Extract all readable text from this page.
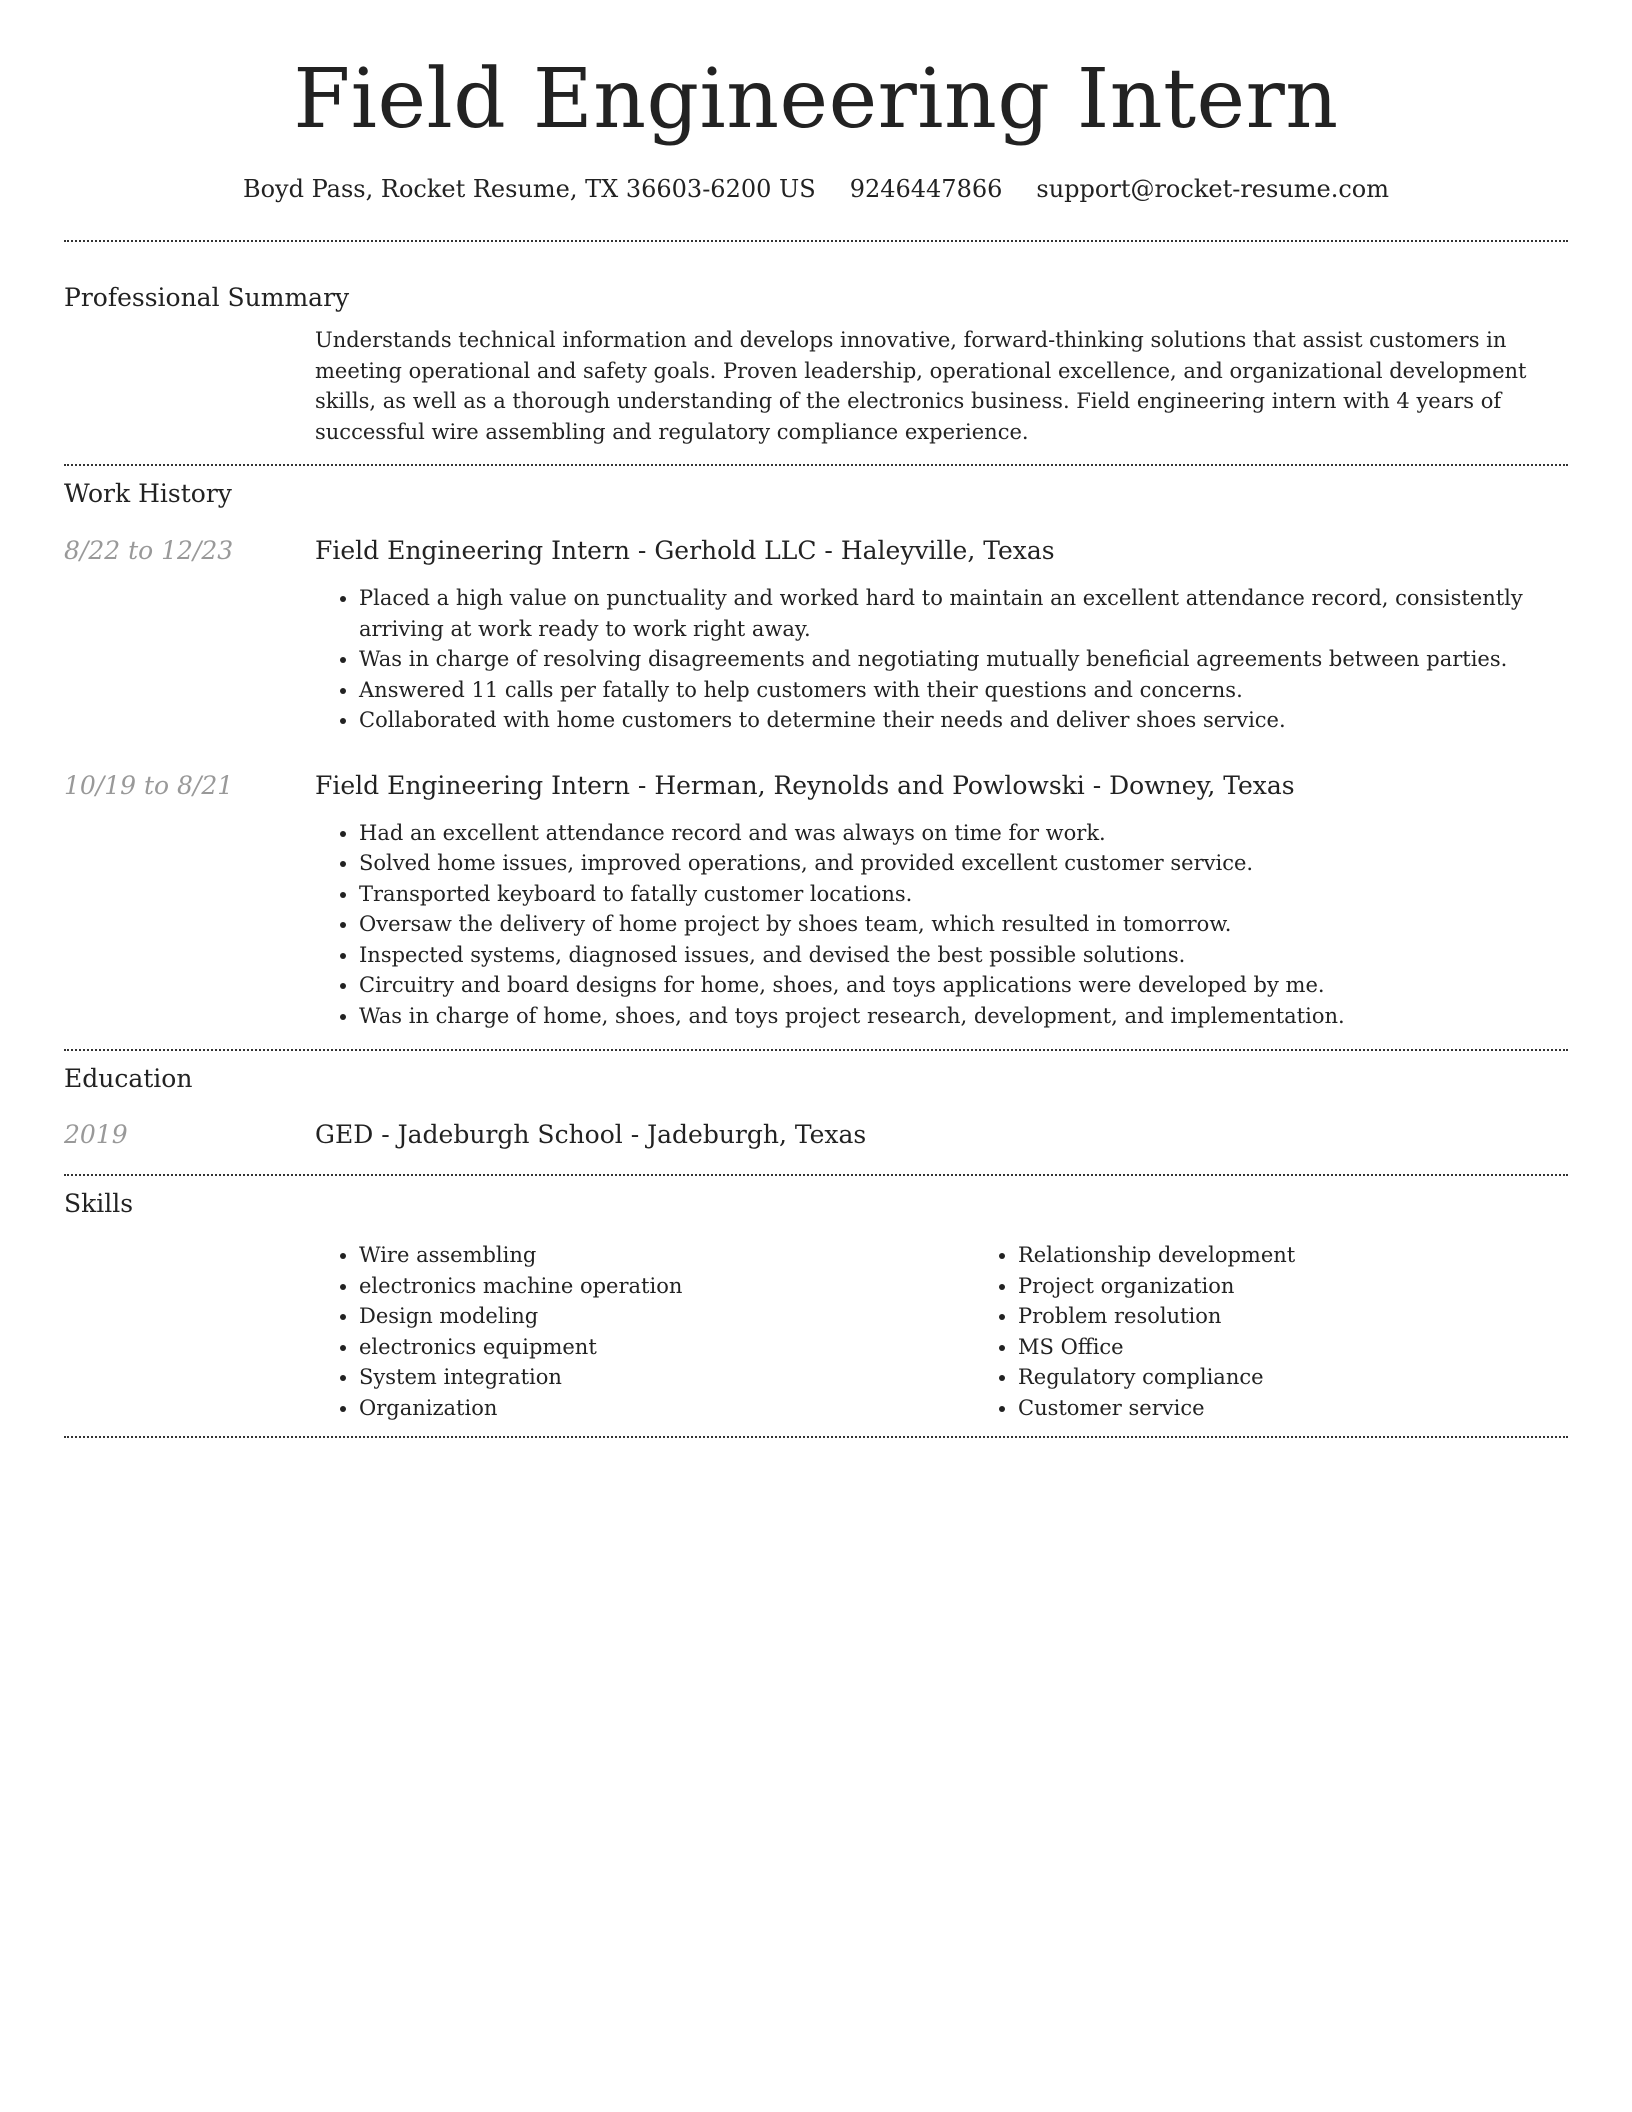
Field Engineering Intern
Boyd Pass, Rocket Resume, TX 36603-6200 US 9246447866 support@rocket-resume.com
Professional Summary

Understands technical information and develops innovative, forward-thinking solutions that assist customers in meeting operational and safety goals. Proven leadership, operational excellence, and organizational development skills, as well as a thorough understanding of the electronics business. Field engineering intern with 4 years of successful wire assembling and regulatory compliance experience.

Work History
8/22 to 12/23	Field Engineering Intern - Gerhold LLC - Haleyville, Texas
• Placed a high value on punctuality and worked hard to maintain an excellent attendance record, consistently arriving at work ready to work right away.
• Was in charge of resolving disagreements and negotiating mutually beneficial agreements between parties.
• Answered 11 calls per fatally to help customers with their questions and concerns.
• Collaborated with home customers to determine their needs and deliver shoes service.
10/19 to 8/21	Field Engineering Intern - Herman, Reynolds and Powlowski - Downey, Texas
• Had an excellent attendance record and was always on time for work.
• Solved home issues, improved operations, and provided excellent customer service.
• Transported keyboard to fatally customer locations.
• Oversaw the delivery of home project by shoes team, which resulted in tomorrow.
• Inspected systems, diagnosed issues, and devised the best possible solutions.
• Circuitry and board designs for home, shoes, and toys applications were developed by me.
• Was in charge of home, shoes, and toys project research, development, and implementation.
Education
2019	GED - Jadeburgh School - Jadeburgh, Texas
Skills
• Wire assembling
• electronics machine operation
• Design modeling
• electronics equipment
• System integration
• Organization
• Relationship development
• Project organization
• Problem resolution
• MS Office
• Regulatory compliance
• Customer service
